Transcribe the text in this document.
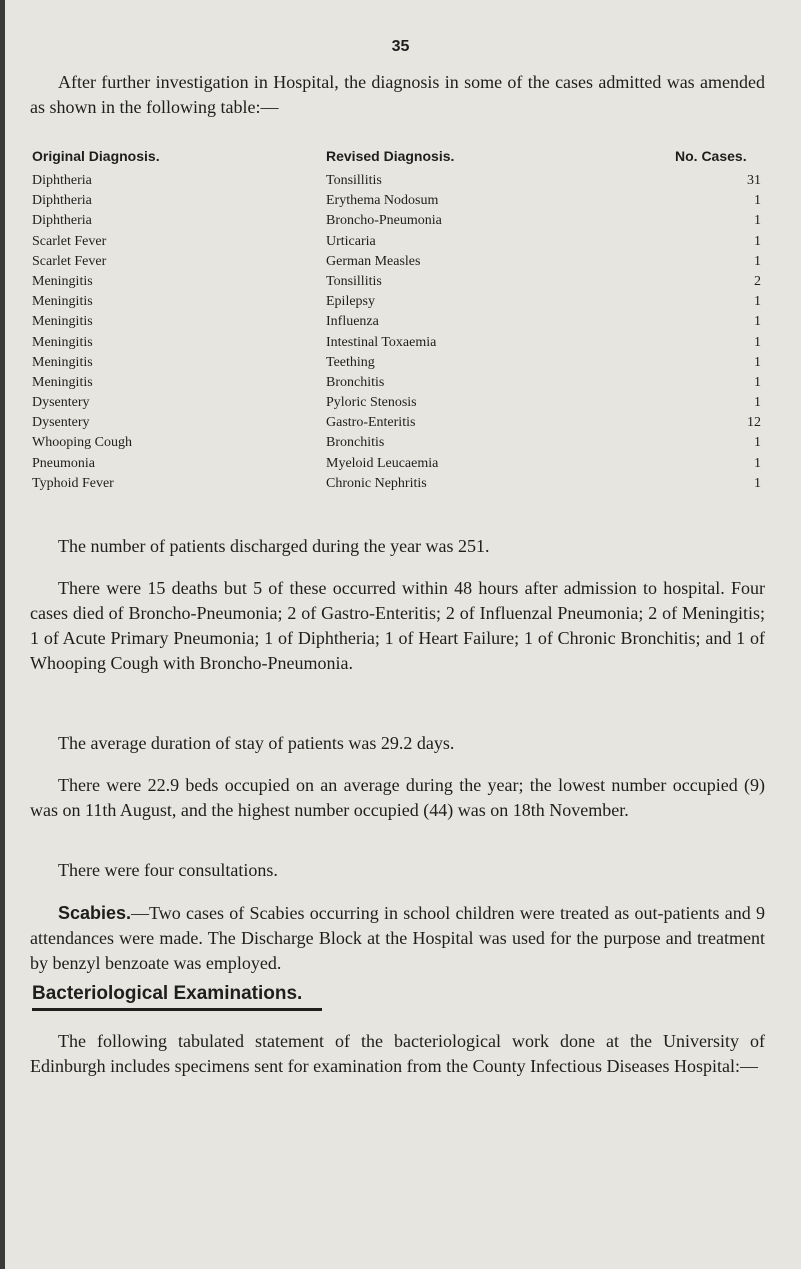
35

After further investigation in Hospital, the diagnosis in some of the cases admitted was amended as shown in the following table:—

Original Diagnosis.	Revised Diagnosis.	No. Cases.
Diphtheria	Tonsillitis	31
Diphtheria	Erythema Nodosum	1
Diphtheria	Broncho-Pneumonia	1
Scarlet Fever	Urticaria	1
Scarlet Fever	German Measles	1
Meningitis	Tonsillitis	2
Meningitis	Epilepsy	1
Meningitis	Influenza	1
Meningitis	Intestinal Toxaemia	1
Meningitis	Teething	1
Meningitis	Bronchitis	1
Dysentery	Pyloric Stenosis	1
Dysentery	Gastro-Enteritis	12
Whooping Cough	Bronchitis	1
Pneumonia	Myeloid Leucaemia	1
Typhoid Fever	Chronic Nephritis	1

The number of patients discharged during the year was 251.

There were 15 deaths but 5 of these occurred within 48 hours after admission to hospital. Four cases died of Broncho-Pneumonia; 2 of Gastro-Enteritis; 2 of Influenzal Pneumonia; 2 of Meningitis; 1 of Acute Primary Pneumonia; 1 of Diphtheria; 1 of Heart Failure; 1 of Chronic Bronchitis; and 1 of Whooping Cough with Broncho-Pneumonia.

The average duration of stay of patients was 29.2 days.

There were 22.9 beds occupied on an average during the year; the lowest number occupied (9) was on 11th August, and the highest number occupied (44) was on 18th November.

There were four consultations.

Scabies.—Two cases of Scabies occurring in school children were treated as out-patients and 9 attendances were made. The Discharge Block at the Hospital was used for the purpose and treatment by benzyl benzoate was employed.

Bacteriological Examinations.

The following tabulated statement of the bacteriological work done at the University of Edinburgh includes specimens sent for examination from the County Infectious Diseases Hospital:—
